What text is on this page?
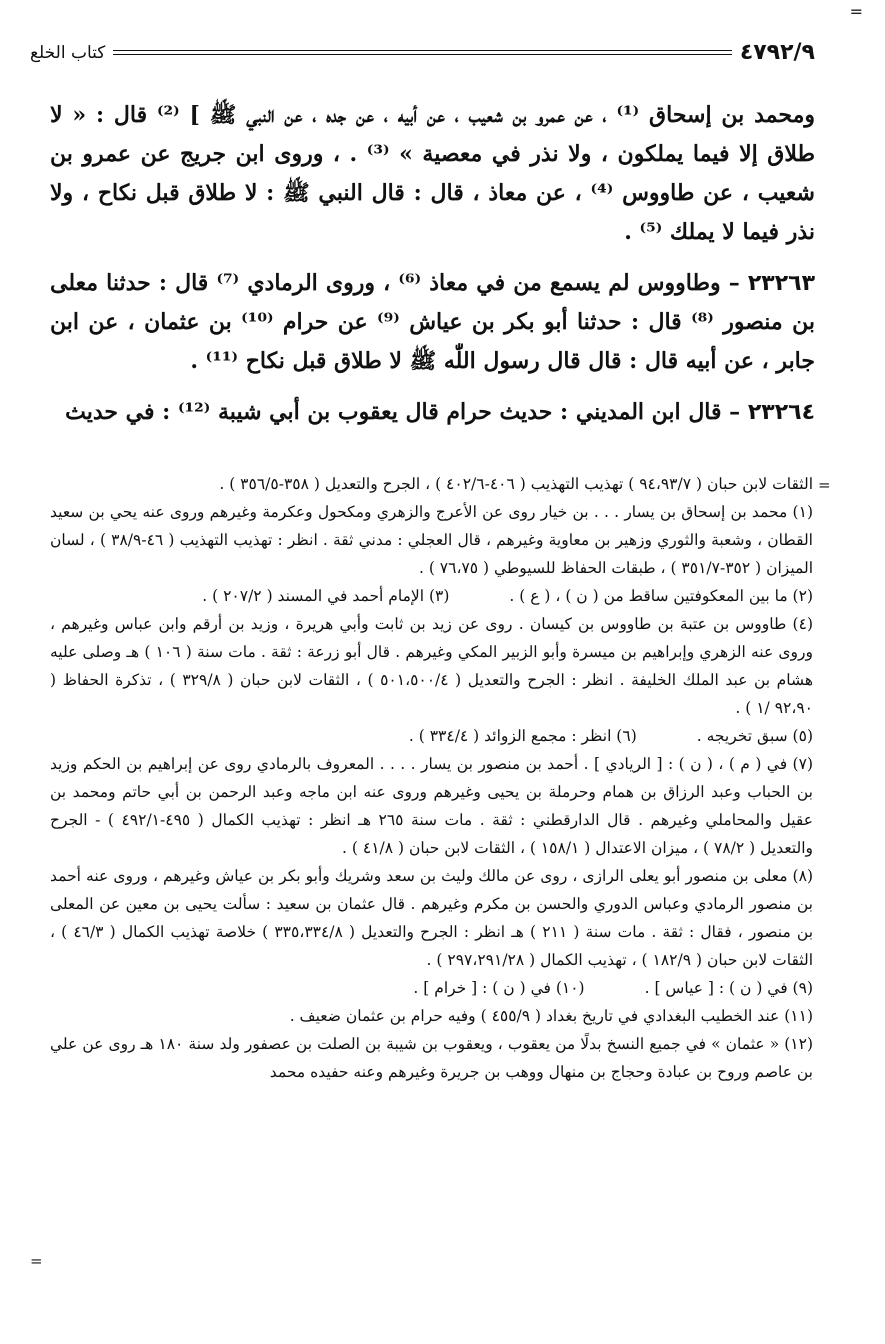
=
٤٧٩٢/٩
كتاب الخلع

ومحمد بن إسحاق ⁽¹⁾ ، عن عمرو بن شعيب ، عن أبيه ، عن جده ، عن النبي ﷺ ] ⁽²⁾ قال : « لا طلاق إلا فيما يملكون ، ولا نذر في معصية » ⁽³⁾ . ، وروى ابن جريج عن عمرو بن شعيب ، عن طاووس ⁽⁴⁾ ، عن معاذ ، قال : قال النبي ﷺ : لا طلاق قبل نكاح ، ولا نذر فيما لا يملك ⁽⁵⁾ .

٢٣٢٦٣ – وطاووس لم يسمع من في معاذ ⁽⁶⁾ ، وروى الرمادي ⁽⁷⁾ قال : حدثنا معلى بن منصور ⁽⁸⁾ قال : حدثنا أبو بكر بن عياش ⁽⁹⁾ عن حرام ⁽¹⁰⁾ بن عثمان ، عن ابن جابر ، عن أبيه قال : قال قال رسول اللّٰه ﷺ لا طلاق قبل نكاح ⁽¹¹⁾ .

٢٣٢٦٤ – قال ابن المديني : حديث حرام قال يعقوب بن أبي شيبة ⁽¹²⁾ : في حديث

=

الثقات لابن حبان ( ٩٤،٩٣/٧ ) تهذيب التهذيب ( ٤٠٦-٤٠٢/٦ ) ، الجرح والتعديل ( ٣٥٨-٣٥٦/٥ ) .

(١) محمد بن إسحاق بن يسار . . . بن خيار روى عن الأعرج والزهري ومكحول وعكرمة وغيرهم وروى عنه يحي بن سعيد القطان ، وشعبة والثوري وزهير بن معاوية وغيرهم ، قال العجلي : مدني ثقة . انظر : تهذيب التهذيب ( ٤٦-٣٨/٩ ) ، لسان الميزان ( ٣٥٢-٣٥١/٧ ) ، طبقات الحفاظ للسيوطي ( ٧٦،٧٥ ) .

(٢) ما بين المعكوفتين ساقط من ( ن ) ، ( ع ) .
(٣) الإمام أحمد في المسند ( ٢٠٧/٢ ) .

(٤) طاووس بن عتبة بن طاووس بن كيسان . روى عن زيد بن ثابت وأبي هريرة ، وزيد بن أرقم وابن عباس وغيرهم ، وروى عنه الزهري وإبراهيم بن ميسرة وأبو الزبير المكي وغيرهم . قال أبو زرعة : ثقة . مات سنة ( ١٠٦ ) هـ وصلى عليه هشام بن عبد الملك الخليفة . انظر : الجرح والتعديل ( ٥٠١،٥٠٠/٤ ) ، الثقات لابن حبان ( ٣٢٩/٨ ) ، تذكرة الحفاظ ( ٩٢،٩٠ /١ ) .

(٥) سبق تخريجه .
(٦) انظر : مجمع الزوائد ( ٣٣٤/٤ ) .

(٧) في ( م ) ، ( ن ) : [ الريادي ] . أحمد بن منصور بن يسار . . . . المعروف بالرمادي روى عن إبراهيم بن الحكم وزيد بن الحباب وعبد الرزاق بن همام وحرملة بن يحيى وغيرهم وروى عنه ابن ماجه وعبد الرحمن بن أبي حاتم ومحمد بن عقيل والمحاملي وغيرهم . قال الدارقطني : ثقة . مات سنة ٢٦٥ هـ انظر : تهذيب الكمال ( ٤٩٥-٤٩٢/١ ) - الجرح والتعديل ( ٧٨/٢ ) ، ميزان الاعتدال ( ١٥٨/١ ) ، الثقات لابن حبان ( ٤١/٨ ) .

(٨) معلى بن منصور أبو يعلى الرازى ، روى عن مالك وليث بن سعد وشريك وأبو بكر بن عياش وغيرهم ، وروى عنه أحمد بن منصور الرمادي وعباس الدوري والحسن بن مكرم وغيرهم . قال عثمان بن سعيد : سألت يحيى بن معين عن المعلى بن منصور ، فقال : ثقة . مات سنة ( ٢١١ ) هـ انظر : الجرح والتعديل ( ٣٣٥،٣٣٤/٨ ) خلاصة تهذيب الكمال ( ٤٦/٣ ) ، الثقات لابن حبان ( ١٨٢/٩ ) ، تهذيب الكمال ( ٢٩٧،٢٩١/٢٨ ) .

(٩) في ( ن ) : [ عياس ] .
(١٠) في ( ن ) : [ خرام ] .

(١١) عند الخطيب البغدادي في تاريخ بغداد ( ٤٥٥/٩ ) وفيه حرام بن عثمان ضعيف .

(١٢) « عثمان » في جميع النسخ بدلًا من يعقوب ، ويعقوب بن شيبة بن الصلت بن عصفور ولد سنة ١٨٠ هـ روى عن علي بن عاصم وروح بن عبادة وحجاج بن منهال ووهب بن جريرة وغيرهم وعنه حفيده محمد

=
